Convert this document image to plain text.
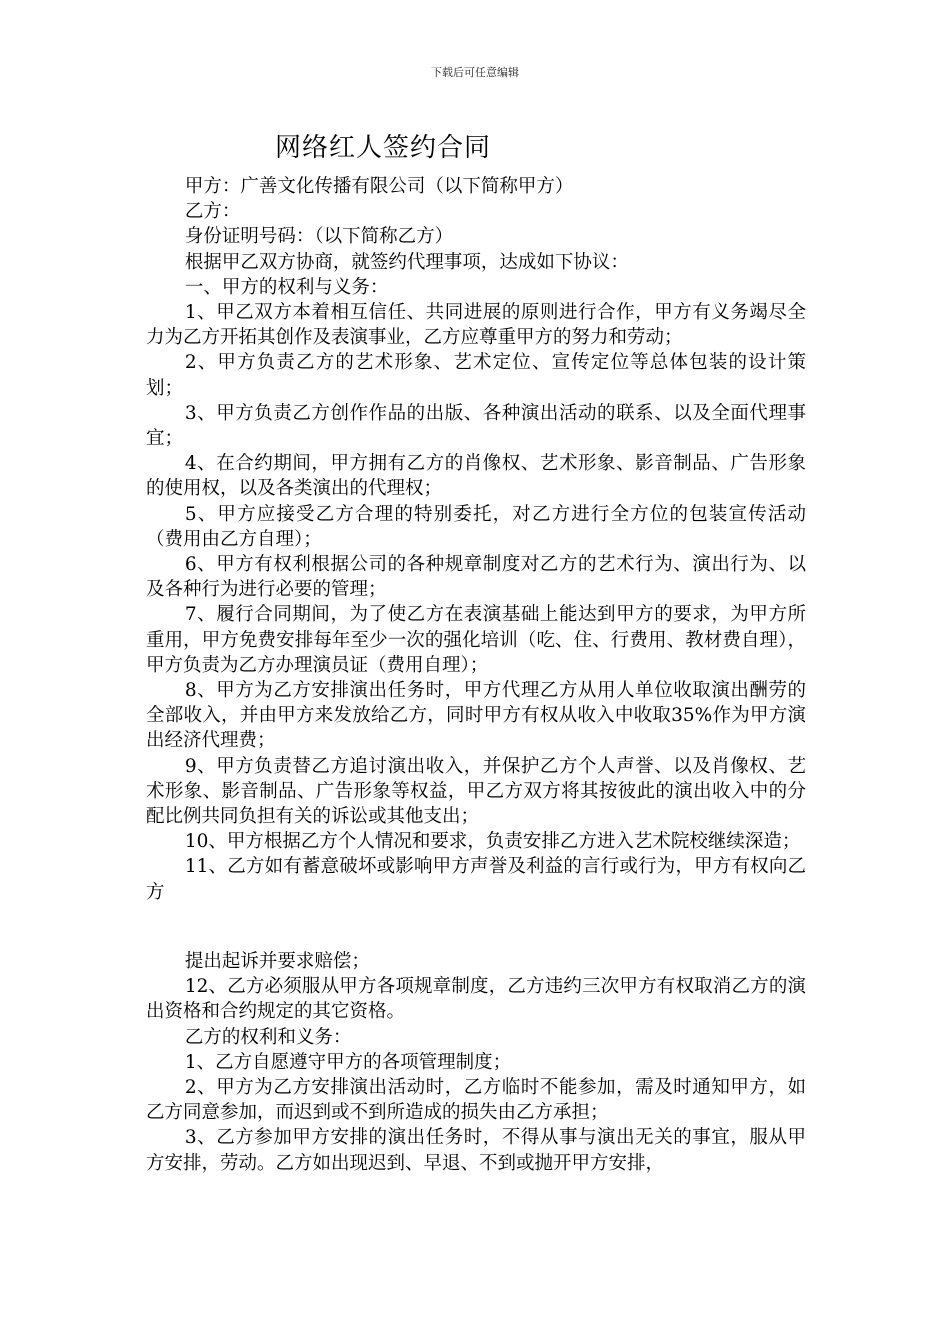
下载后可任意编辑
网络红人签约合同

甲方：广善文化传播有限公司（以下简称甲方）

乙方：

身份证明号码：（以下简称乙方）

根据甲乙双方协商，就签约代理事项，达成如下协议：

一、甲方的权利与义务：

1、甲乙双方本着相互信任、共同进展的原则进行合作，甲方有义务竭尽全力为乙方开拓其创作及表演事业，乙方应尊重甲方的努力和劳动；

2、甲方负责乙方的艺术形象、艺术定位、宣传定位等总体包装的设计策划；

3、甲方负责乙方创作作品的出版、各种演出活动的联系、以及全面代理事宜；

4、在合约期间，甲方拥有乙方的肖像权、艺术形象、影音制品、广告形象的使用权，以及各类演出的代理权；

5、甲方应接受乙方合理的特别委托，对乙方进行全方位的包装宣传活动（费用由乙方自理）；

6、甲方有权利根据公司的各种规章制度对乙方的艺术行为、演出行为、以及各种行为进行必要的管理；

7、履行合同期间，为了使乙方在表演基础上能达到甲方的要求，为甲方所重用，甲方免费安排每年至少一次的强化培训（吃、住、行费用、教材费自理），甲方负责为乙方办理演员证（费用自理）；

8、甲方为乙方安排演出任务时，甲方代理乙方从用人单位收取演出酬劳的全部收入，并由甲方来发放给乙方，同时甲方有权从收入中收取35%作为甲方演出经济代理费；

9、甲方负责替乙方追讨演出收入，并保护乙方个人声誉、以及肖像权、艺术形象、影音制品、广告形象等权益，甲乙方双方将其按彼此的演出收入中的分配比例共同负担有关的诉讼或其他支出；

10、甲方根据乙方个人情况和要求，负责安排乙方进入艺术院校继续深造；

11、乙方如有蓄意破坏或影响甲方声誉及利益的言行或行为，甲方有权向乙方

提出起诉并要求赔偿；

12、乙方必须服从甲方各项规章制度，乙方违约三次甲方有权取消乙方的演出资格和合约规定的其它资格。

乙方的权利和义务：

1、乙方自愿遵守甲方的各项管理制度；

2、甲方为乙方安排演出活动时，乙方临时不能参加，需及时通知甲方，如乙方同意参加，而迟到或不到所造成的损失由乙方承担；

3、乙方参加甲方安排的演出任务时，不得从事与演出无关的事宜，服从甲方安排，劳动。乙方如出现迟到、早退、不到或抛开甲方安排，
